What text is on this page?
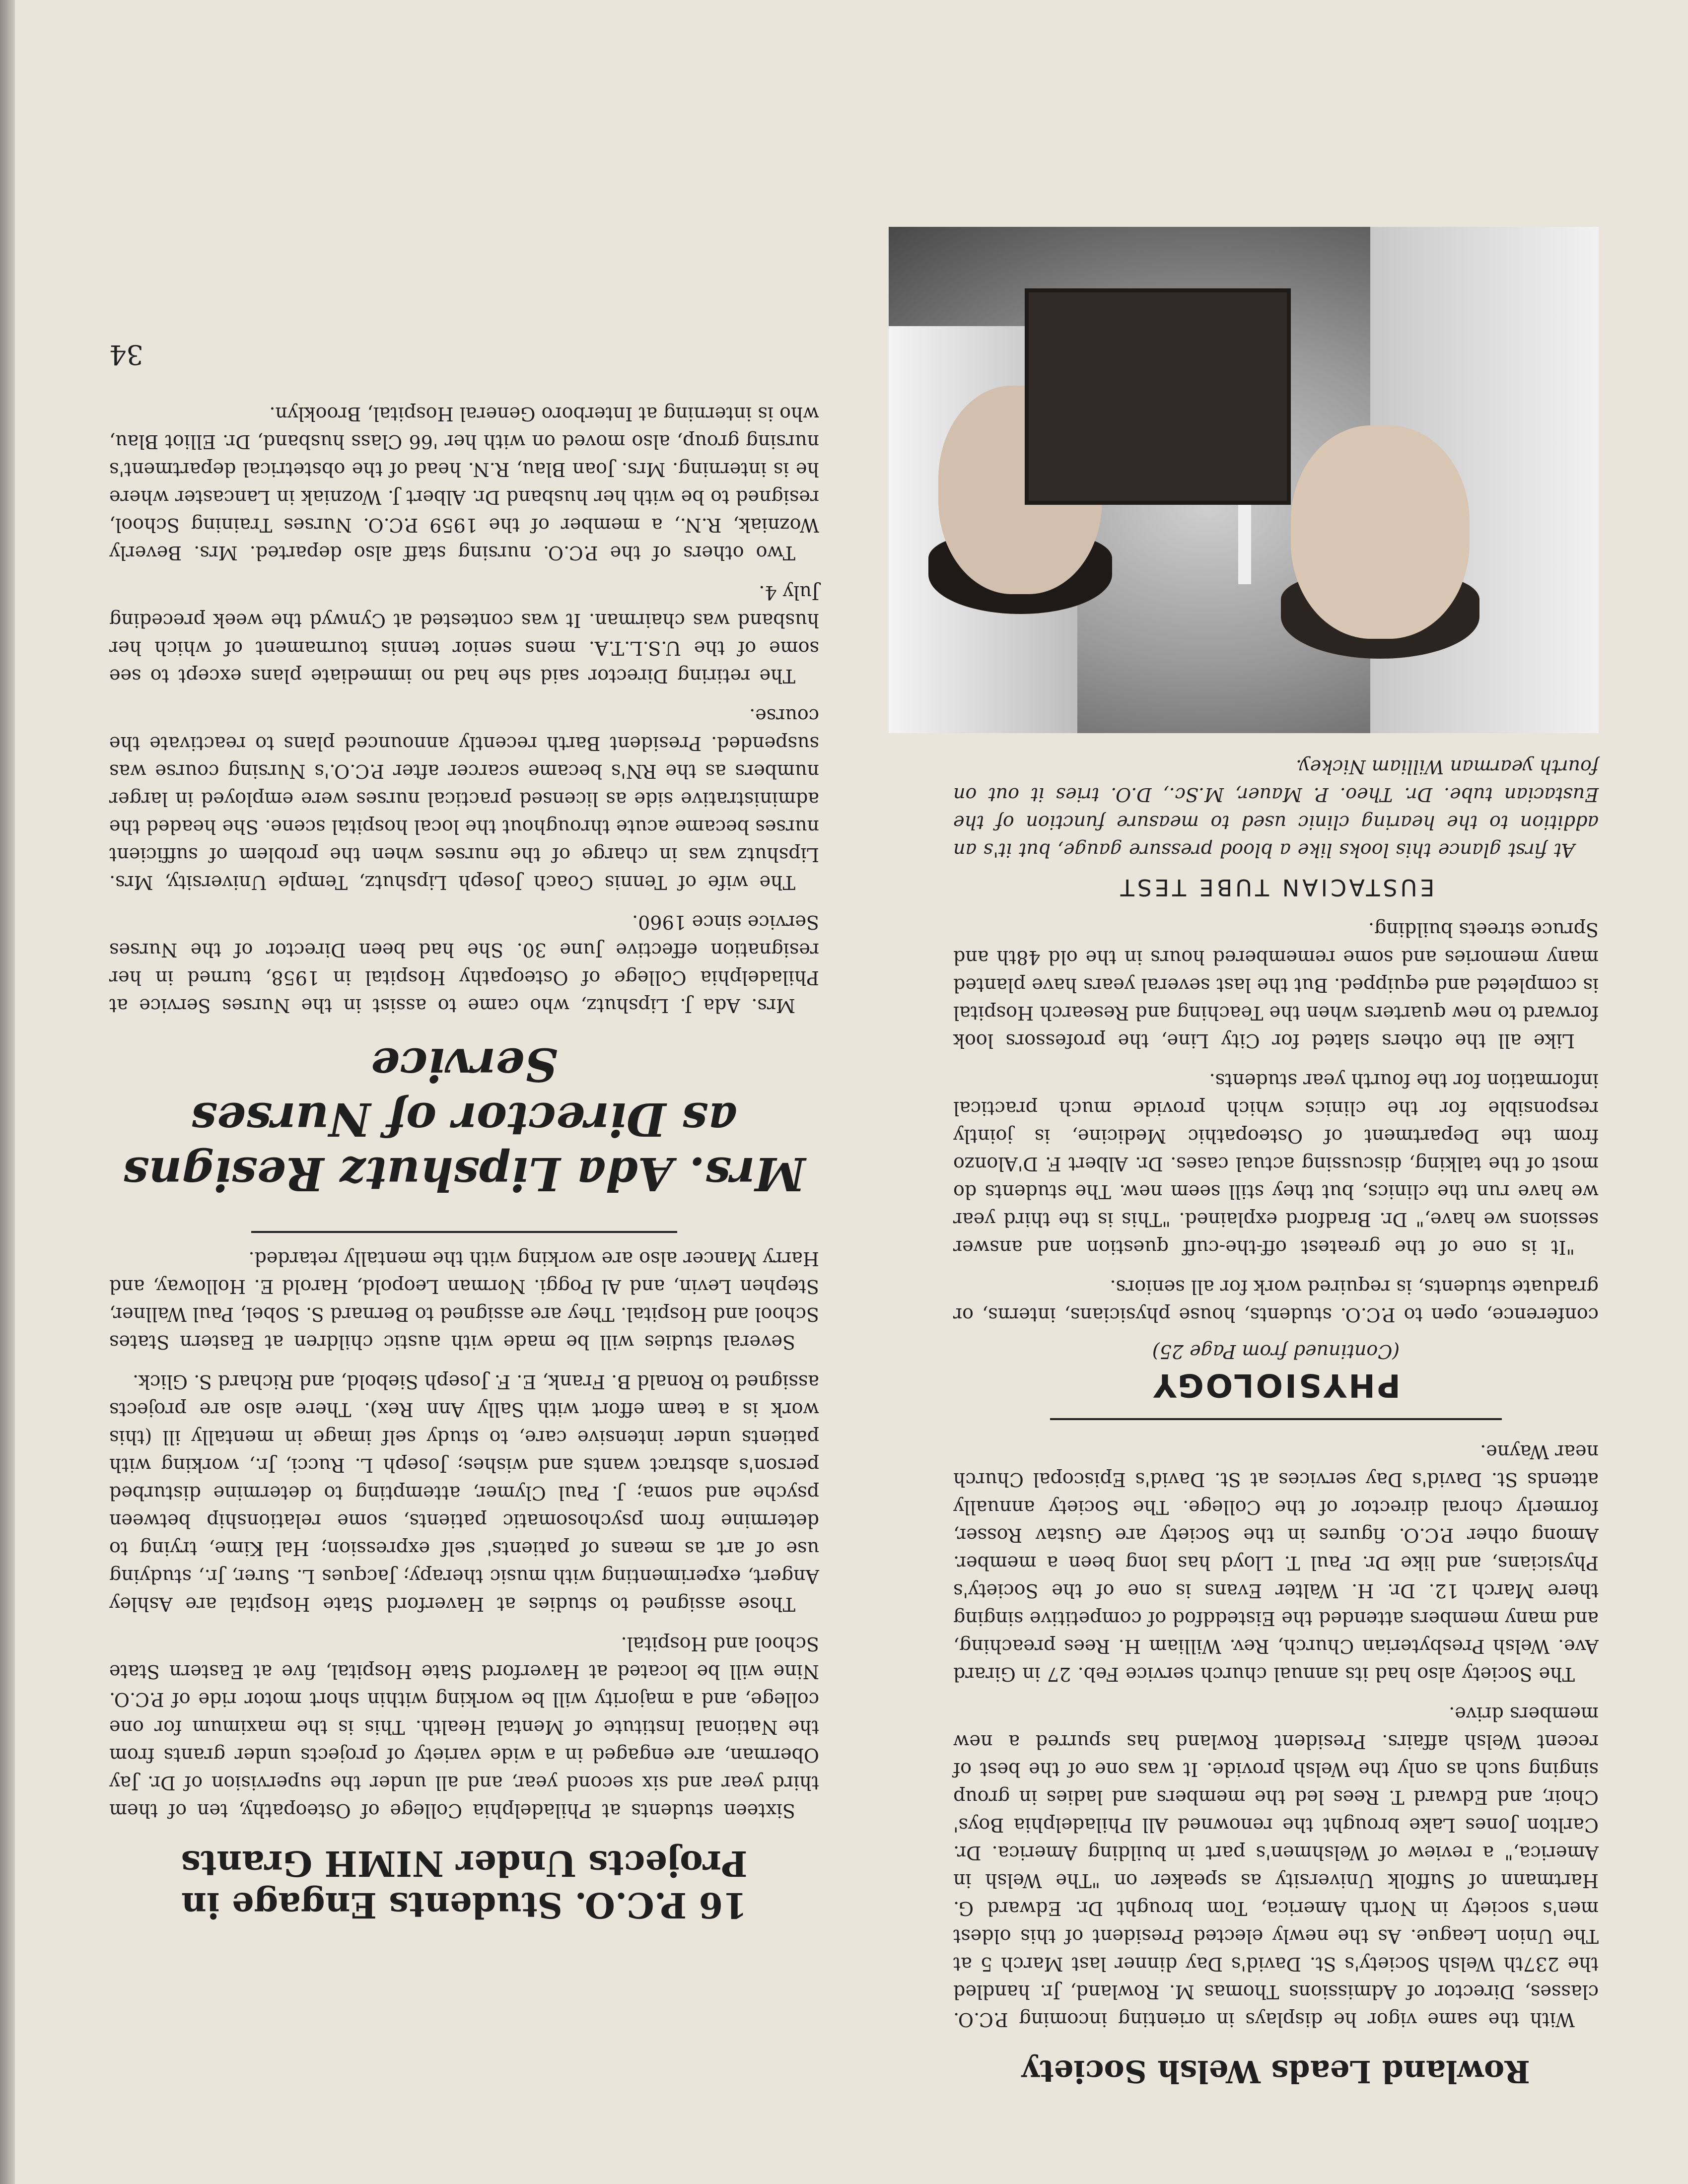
Rowland Leads Welsh Society

With the same vigor he displays in orienting incoming P.C.O. classes, Director of Admissions Thomas M. Rowland, Jr. handled the 237th Welsh Society's St. David's Day dinner last March 5 at The Union League. As the newly elected President of this oldest men's society in North America, Tom brought Dr. Edward G. Hartmann of Suffolk University as speaker on "The Welsh in America," a review of Welshmen's part in building America. Dr. Carlton Jones Lake brought the renowned All Philadelphia Boys' Choir, and Edward T. Rees led the members and ladies in group singing such as only the Welsh provide. It was one of the best of recent Welsh affairs. President Rowland has spurred a new members drive.

The Society also had its annual church service Feb. 27 in Girard Ave. Welsh Presbyterian Church, Rev. William H. Rees preaching, and many members attended the Eisteddfod of competitive singing there March 12. Dr. H. Walter Evans is one of the Society's Physicians, and like Dr. Paul T. Lloyd has long been a member. Among other P.C.O. figures in the Society are Gustav Rosser, formerly choral director of the College. The Society annually attends St. David's Day services at St. David's Episcopal Church near Wayne.

PHYSIOLOGY
(Continued from Page 25)

conference, open to P.C.O. students, house physicians, interns, or graduate students, is required work for all seniors.

"It is one of the greatest off-the-cuff question and answer sessions we have," Dr. Bradford explained. "This is the third year we have run the clinics, but they still seem new. The students do most of the talking, discussing actual cases. Dr. Albert F. D'Alonzo from the Department of Osteopathic Medicine, is jointly responsible for the clinics which provide much practical information for the fourth year students.

Like all the others slated for City Line, the professors look forward to new quarters when the Teaching and Research Hospital is completed and equipped. But the last several years have planted many memories and some remembered hours in the old 48th and Spruce streets building.

EUSTACIAN TUBE TEST
At first glance this looks like a blood pressure gauge, but it's an addition to the hearing clinic used to measure function of the Eustacian tube. Dr. Theo. P. Mauer, M.Sc., D.O. tries it out on fourth yearman William Nickey.
16 P.C.O. Students Engage in Projects Under NIMH Grants

Sixteen students at Philadelphia College of Osteopathy, ten of them third year and six second year, and all under the supervision of Dr. Jay Oberman, are engaged in a wide variety of projects under grants from the National Institute of Mental Health. This is the maximum for one college, and a majority will be working within short motor ride of P.C.O. Nine will be located at Haverford State Hospital, five at Eastern State School and Hospital.

Those assigned to studies at Haverford State Hospital are Ashley Angert, experimenting with music therapy; Jacques L. Surer, Jr., studying use of art as means of patients' self expression; Hal Kime, trying to determine from psychosomatic patients, some relationship between psyche and soma; J. Paul Clymer, attempting to determine disturbed person's abstract wants and wishes; Joseph L. Rucci, Jr., working with patients under intensive care, to study self image in mentally ill (this work is a team effort with Sally Ann Rex). There also are projects assigned to Ronald B. Frank, E. F. Joseph Siebold, and Richard S. Glick.

Several studies will be made with austic children at Eastern States School and Hospital. They are assigned to Bernard S. Sobel, Paul Wallner, Stephen Levin, and Al Poggi. Norman Leopold, Harold E. Holloway, and Harry Mancer also are working with the mentally retarded.

Mrs. Ada Lipshutz Resigns as Director of Nurses Service

Mrs. Ada J. Lipshutz, who came to assist in the Nurses Service at Philadelphia College of Osteopathy Hospital in 1958, turned in her resignation effective June 30. She had been Director of the Nurses Service since 1960.

The wife of Tennis Coach Joseph Lipshutz, Temple University, Mrs. Lipshutz was in charge of the nurses when the problem of sufficient nurses became acute throughout the local hospital scene. She headed the administrative side as licensed practical nurses were employed in larger numbers as the RN's became scarcer after P.C.O.'s Nursing course was suspended. President Barth recently announced plans to reactivate the course.

The retiring Director said she had no immediate plans except to see some of the U.S.L.T.A. mens senior tennis tournament of which her husband was chairman. It was contested at Cynwyd the week preceding July 4.

Two others of the P.C.O. nursing staff also departed. Mrs. Beverly Wozniak, R.N., a member of the 1959 P.C.O. Nurses Training School, resigned to be with her husband Dr. Albert J. Wozniak in Lancaster where he is interning. Mrs. Joan Blau, R.N. head of the obstetrical department's nursing group, also moved on with her '66 Class husband, Dr. Elliot Blau, who is interning at Interboro General Hospital, Brooklyn.

34
